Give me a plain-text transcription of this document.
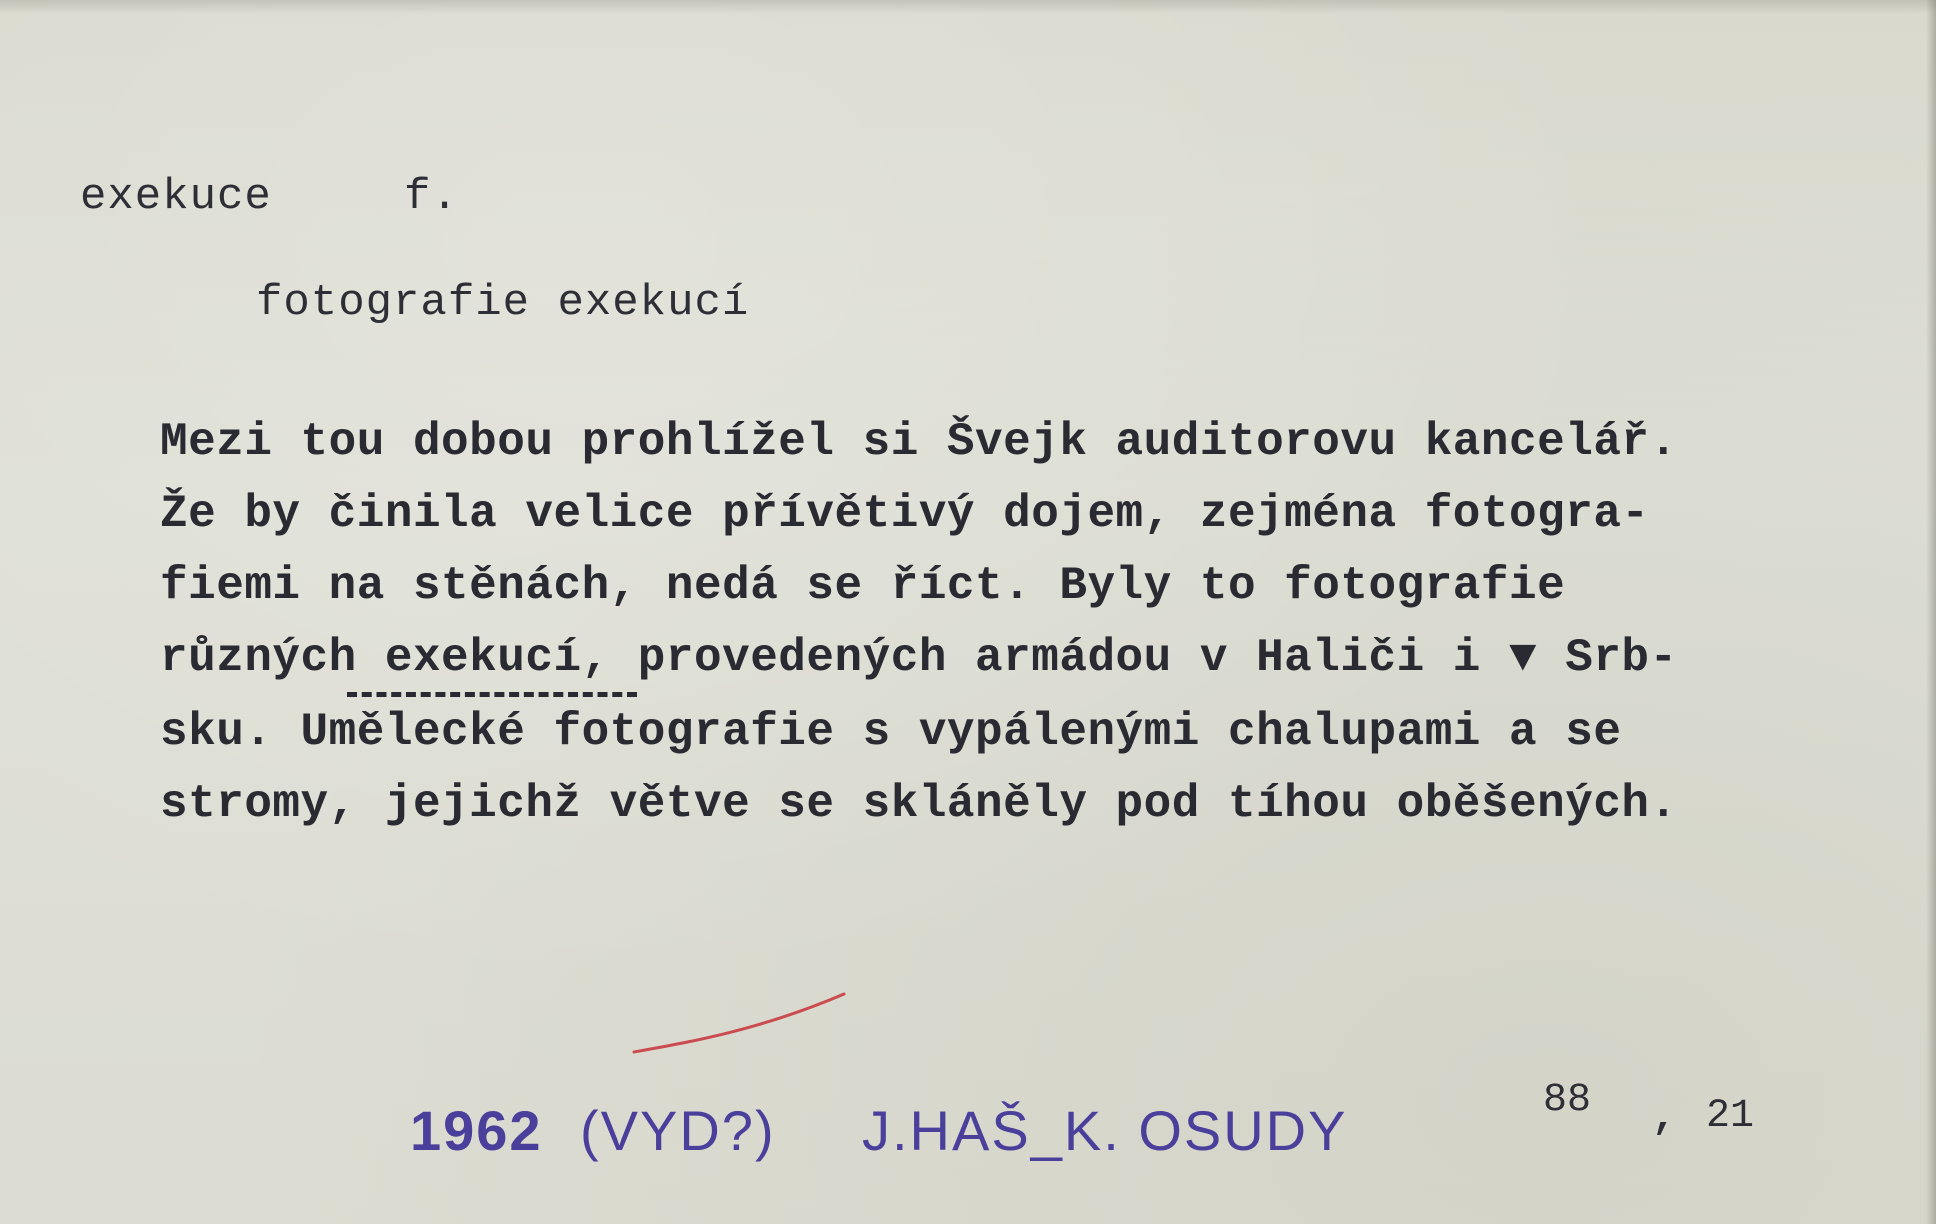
exekuce	f.
fotografie exekucí
Mezi tou dobou prohlížel si Švejk auditorovu kancelář.
Že by činila velice přívětivý dojem, zejména fotogra-
fiemi na stěnách, nedá se říct. Byly to fotografie
různých exekucí, provedených armádou v Haliči i ▼ Srb-
sku. Umělecké fotografie s vypálenými chalupami a se
stromy, jejichž větve se skláněly pod tíhou oběšených.
1962 (VYD?) J.HAŠ_K. OSUDY	88 , 21
